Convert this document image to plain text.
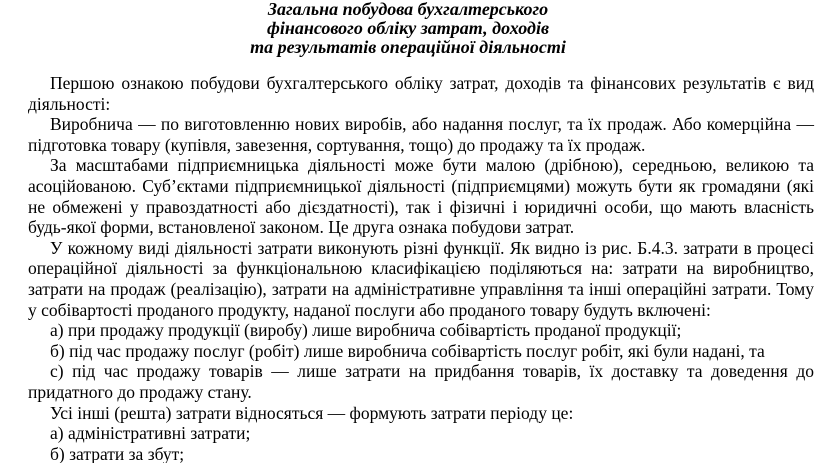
Загальна побудова бухгалтерського
фінансового обліку затрат, доходів
та результатів операційної діяльності

Першою ознакою побудови бухгалтерського обліку затрат, доходів та фінансових результатів є вид діяльності:

Виробнича — по виготовленню нових виробів, або надання послуг, та їх продаж. Або комерційна — підготовка товару (купівля, завезення, сортування, тощо) до продажу та їх продаж.

За масштабами підприємницька діяльності може бути малою (дрібною), середньою, великою та асоційованою. Суб’єктами підприємницької діяльності (підприємцями) можуть бути як громадяни (які не обмежені у правоздатності або дієздатності), так і фізичні і юридичні особи, що мають власність будь-якої форми, встановленої законом. Це друга ознака побудови затрат.

У кожному виді діяльності затрати виконують різні функції. Як видно із рис. Б.4.3. затрати в процесі операційної діяльності за функціональною класифікацією поділяються на: затрати на виробництво, затрати на продаж (реалізацію), затрати на адміністративне управління та інші операційні затрати. Тому у собівартості проданого продукту, наданої послуги або проданого товару будуть включені:

а) при продажу продукції (виробу) лише виробнича собівартість проданої продукції;

б) під час продажу послуг (робіт) лише виробнича собівартість послуг робіт, які були надані, та

с) під час продажу товарів — лише затрати на придбання товарів, їх доставку та доведення до придатного до продажу стану.

Усі інші (решта) затрати відносяться — формують затрати періоду це:

а) адміністративні затрати;

б) затрати за збут;
